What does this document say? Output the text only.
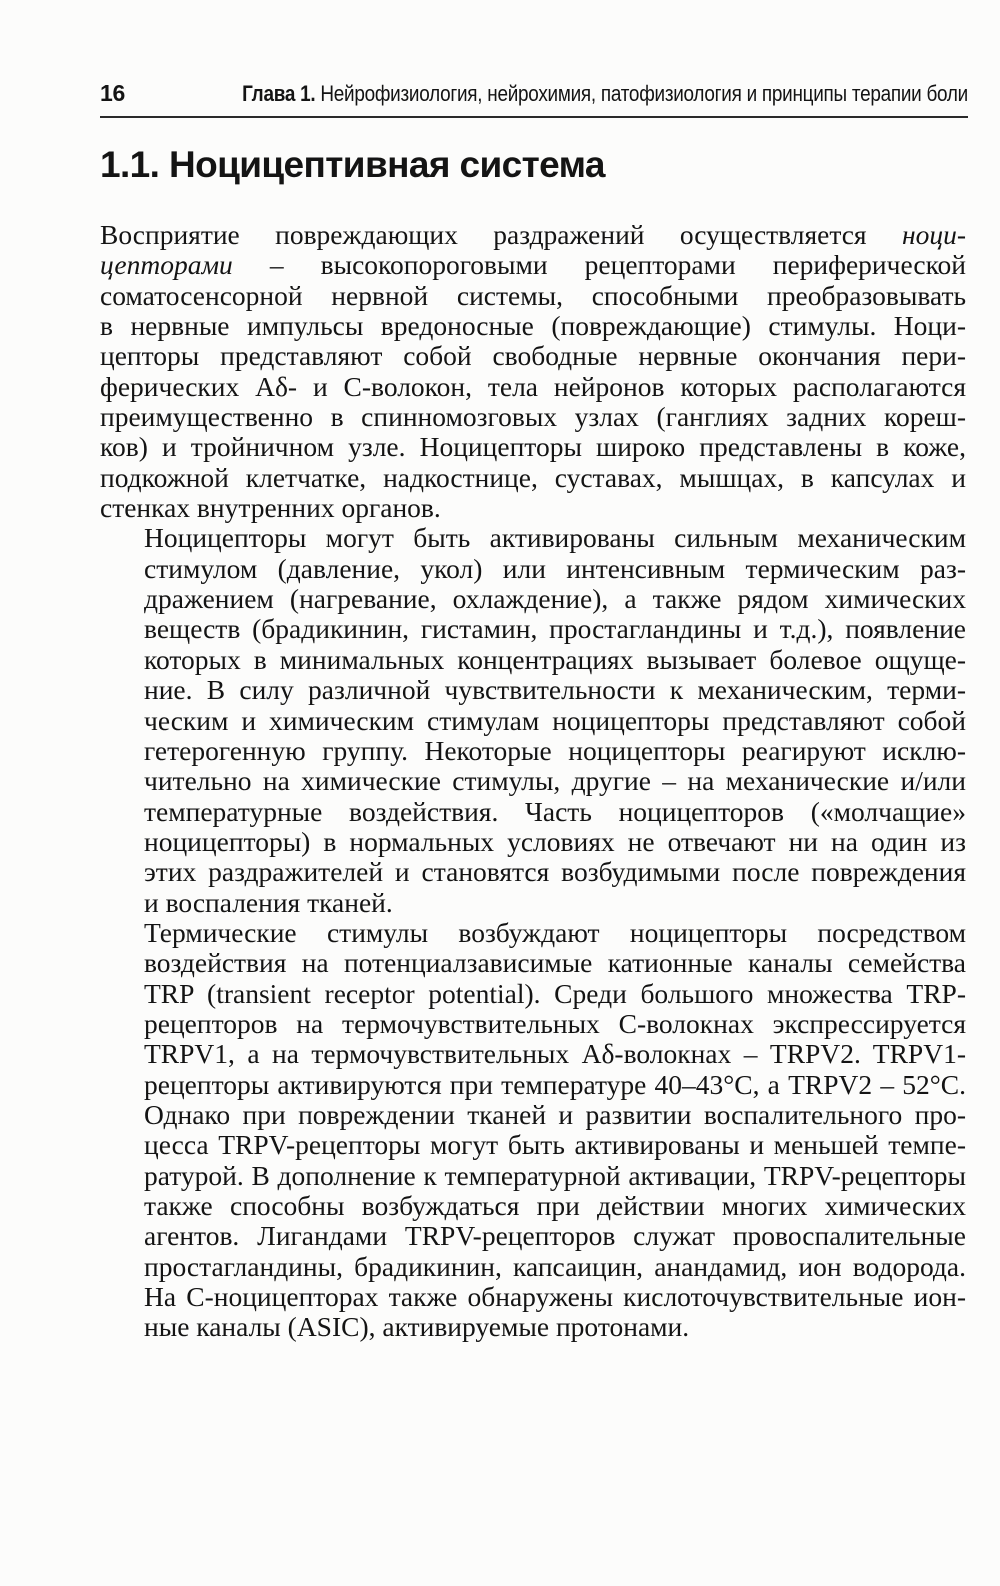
16	Глава 1. Нейрофизиология, нейрохимия, патофизиология и принципы терапии боли
1.1. Ноцицептивная система

Восприятие повреждающих раздражений осуществляется ноци-
цепторами – высокопороговыми рецепторами периферической
соматосенсорной нервной системы, способными преобразовывать
в нервные импульсы вредоносные (повреждающие) стимулы. Ноци-
цепторы представляют собой свободные нервные окончания пери-
ферических Aδ- и C-волокон, тела нейронов которых располагаются
преимущественно в спинномозговых узлах (ганглиях задних кореш-
ков) и тройничном узле. Ноцицепторы широко представлены в коже,
подкожной клетчатке, надкостнице, суставах, мышцах, в капсулах и
стенках внутренних органов.

Ноцицепторы могут быть активированы сильным механическим
стимулом (давление, укол) или интенсивным термическим раз-
дражением (нагревание, охлаждение), а также рядом химических
веществ (брадикинин, гистамин, простагландины и т.д.), появление
которых в минимальных концентрациях вызывает болевое ощуще-
ние. В силу различной чувствительности к механическим, терми-
ческим и химическим стимулам ноцицепторы представляют собой
гетерогенную группу. Некоторые ноцицепторы реагируют исклю-
чительно на химические стимулы, другие – на механические и/или
температурные воздействия. Часть ноцицепторов («молчащие»
ноцицепторы) в нормальных условиях не отвечают ни на один из
этих раздражителей и становятся возбудимыми после повреждения
и воспаления тканей.

Термические стимулы возбуждают ноцицепторы посредством
воздействия на потенциалзависимые катионные каналы семейства
TRP (transient receptor potential). Среди большого множества TRP-
рецепторов на термочувствительных C-волокнах экспрессируется
TRPV1, а на термочувствительных Aδ-волокнах – TRPV2. TRPV1-
рецепторы активируются при температуре 40–43°C, а TRPV2 – 52°C.
Однако при повреждении тканей и развитии воспалительного про-
цесса TRPV-рецепторы могут быть активированы и меньшей темпе-
ратурой. В дополнение к температурной активации, TRPV-рецепторы
также способны возбуждаться при действии многих химических
агентов. Лигандами TRPV-рецепторов служат провоспалительные
простагландины, брадикинин, капсаицин, анандамид, ион водорода.
На C-ноцицепторах также обнаружены кислоточувствительные ион-
ные каналы (ASIC), активируемые протонами.
